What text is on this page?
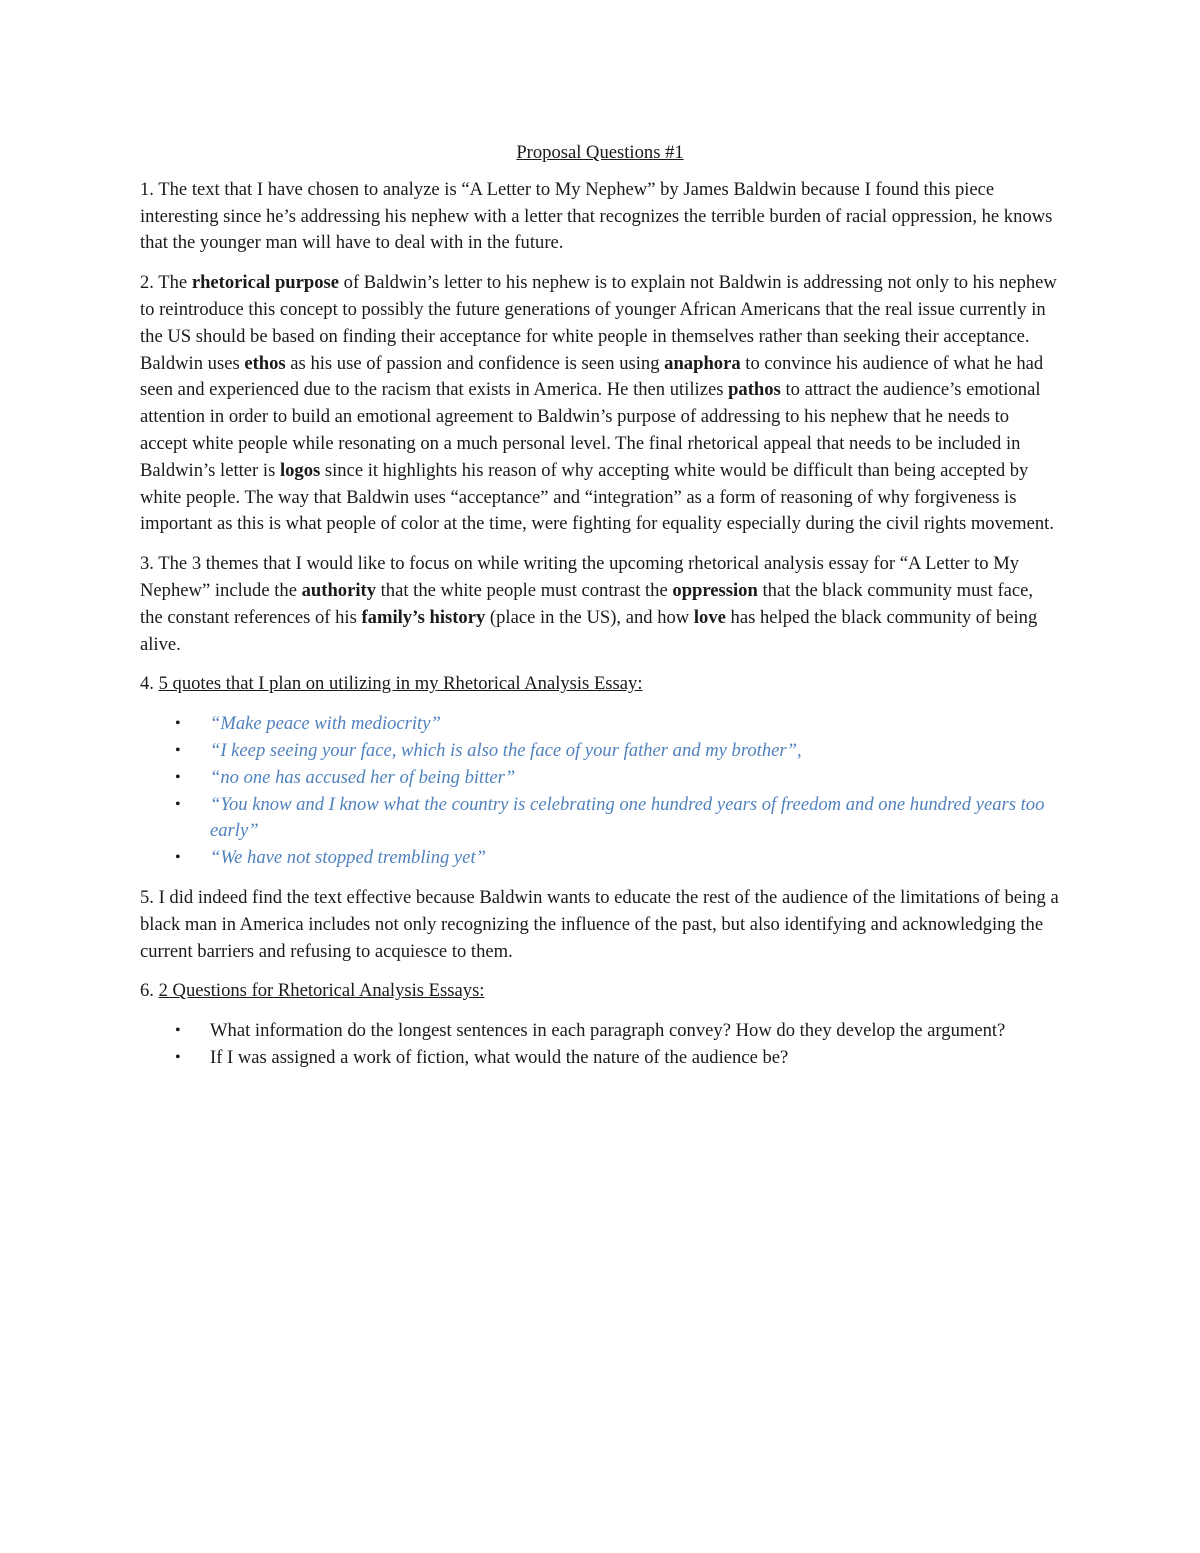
Proposal Questions #1

1. The text that I have chosen to analyze is “A Letter to My Nephew” by James Baldwin because I found this piece interesting since he’s addressing his nephew with a letter that recognizes the terrible burden of racial oppression, he knows that the younger man will have to deal with in the future.

2. The rhetorical purpose of Baldwin’s letter to his nephew is to explain not Baldwin is addressing not only to his nephew to reintroduce this concept to possibly the future generations of younger African Americans that the real issue currently in the US should be based on finding their acceptance for white people in themselves rather than seeking their acceptance. Baldwin uses ethos as his use of passion and confidence is seen using anaphora to convince his audience of what he had seen and experienced due to the racism that exists in America. He then utilizes pathos to attract the audience’s emotional attention in order to build an emotional agreement to Baldwin’s purpose of addressing to his nephew that he needs to accept white people while resonating on a much personal level. The final rhetorical appeal that needs to be included in Baldwin’s letter is logos since it highlights his reason of why accepting white would be difficult than being accepted by white people. The way that Baldwin uses “acceptance” and “integration” as a form of reasoning of why forgiveness is important as this is what people of color at the time, were fighting for equality especially during the civil rights movement.

3. The 3 themes that I would like to focus on while writing the upcoming rhetorical analysis essay for “A Letter to My Nephew” include the authority that the white people must contrast the oppression that the black community must face, the constant references of his family’s history (place in the US), and how love has helped the black community of being alive.

4. 5 quotes that I plan on utilizing in my Rhetorical Analysis Essay:

• “Make peace with mediocrity”
• “I keep seeing your face, which is also the face of your father and my brother”,
• “no one has accused her of being bitter”
• “You know and I know what the country is celebrating one hundred years of freedom and one hundred years too early”
• “We have not stopped trembling yet”

5. I did indeed find the text effective because Baldwin wants to educate the rest of the audience of the limitations of being a black man in America includes not only recognizing the influence of the past, but also identifying and acknowledging the current barriers and refusing to acquiesce to them.

6. 2 Questions for Rhetorical Analysis Essays:

• What information do the longest sentences in each paragraph convey? How do they develop the argument?
• If I was assigned a work of fiction, what would the nature of the audience be?
